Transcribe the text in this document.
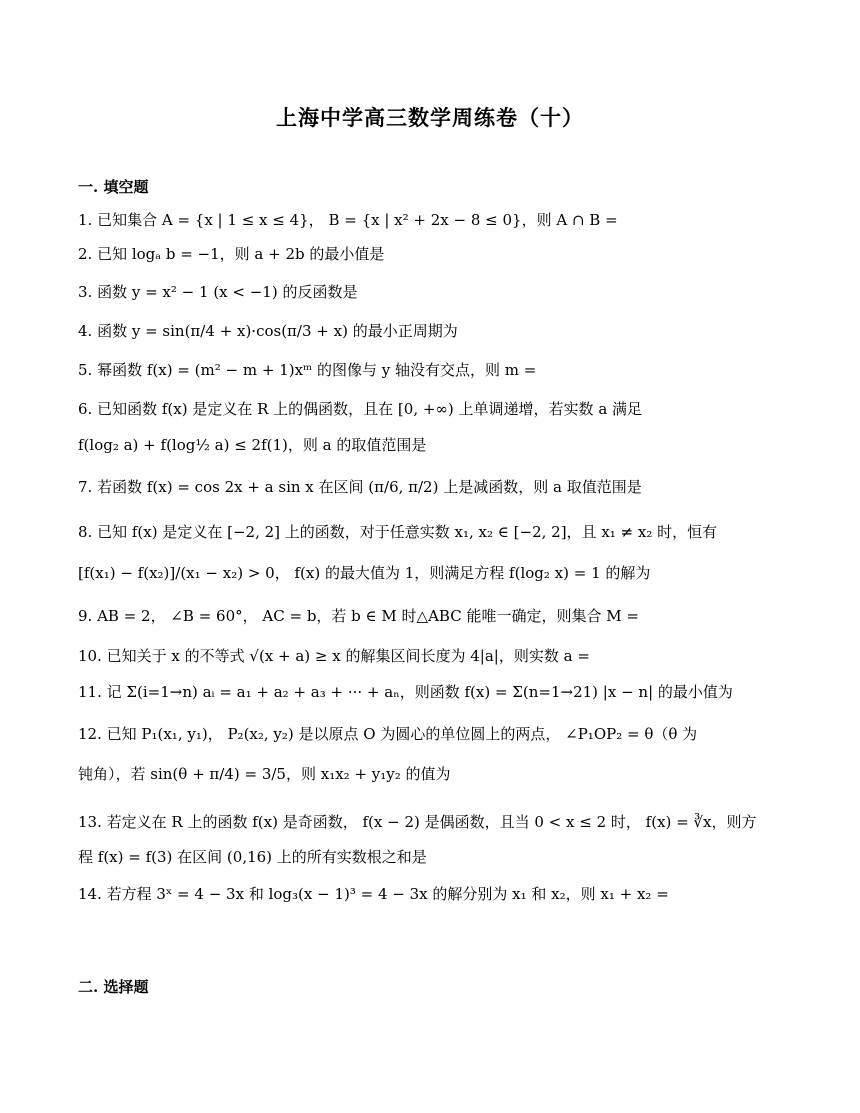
上海中学高三数学周练卷（十）
一. 填空题
1. 已知集合 A = {x | 1 ≤ x ≤ 4}， B = {x | x² + 2x − 8 ≤ 0}，则 A ∩ B =
2. 已知 logₐ b = −1，则 a + 2b 的最小值是
3. 函数 y = x² − 1 (x < −1) 的反函数是
4. 函数 y = sin(π/4 + x)·cos(π/3 + x) 的最小正周期为
5. 幂函数 f(x) = (m² − m + 1)xᵐ 的图像与 y 轴没有交点，则 m =
6. 已知函数 f(x) 是定义在 R 上的偶函数，且在 [0, +∞) 上单调递增，若实数 a 满足
f(log₂ a) + f(log½ a) ≤ 2f(1)，则 a 的取值范围是
7. 若函数 f(x) = cos 2x + a sin x 在区间 (π/6, π/2) 上是减函数，则 a 取值范围是
8. 已知 f(x) 是定义在 [−2, 2] 上的函数，对于任意实数 x₁, x₂ ∈ [−2, 2]，且 x₁ ≠ x₂ 时，恒有
[f(x₁) − f(x₂)]/(x₁ − x₂) > 0， f(x) 的最大值为 1，则满足方程 f(log₂ x) = 1 的解为
9. AB = 2， ∠B = 60°， AC = b，若 b ∈ M 时△ABC 能唯一确定，则集合 M =
10. 已知关于 x 的不等式 √(x + a) ≥ x 的解集区间长度为 4|a|，则实数 a =
11. 记 Σ(i=1→n) aᵢ = a₁ + a₂ + a₃ + ··· + aₙ，则函数 f(x) = Σ(n=1→21) |x − n| 的最小值为
12. 已知 P₁(x₁, y₁)， P₂(x₂, y₂) 是以原点 O 为圆心的单位圆上的两点， ∠P₁OP₂ = θ（θ 为
钝角），若 sin(θ + π/4) = 3/5，则 x₁x₂ + y₁y₂ 的值为
13. 若定义在 R 上的函数 f(x) 是奇函数， f(x − 2) 是偶函数，且当 0 < x ≤ 2 时， f(x) = ∛x，则方
程 f(x) = f(3) 在区间 (0,16) 上的所有实数根之和是
14. 若方程 3ˣ = 4 − 3x 和 log₃(x − 1)³ = 4 − 3x 的解分别为 x₁ 和 x₂，则 x₁ + x₂ =
二. 选择题
